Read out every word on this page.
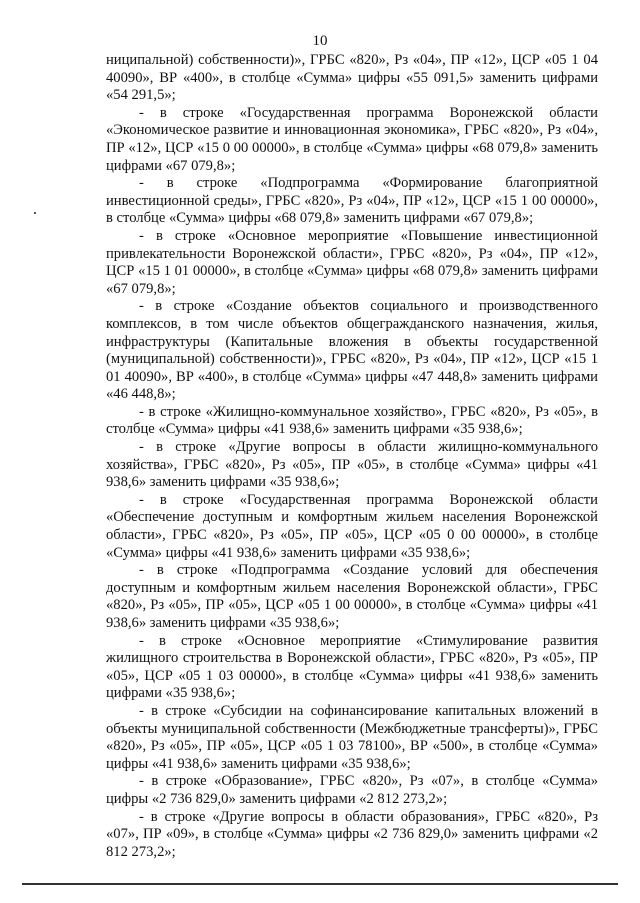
10

ниципальной) собственности)», ГРБС «820», Рз «04», ПР «12», ЦСР «05 1 04 40090», ВР «400», в столбце «Сумма» цифры «55 091,5» заменить цифрами «54 291,5»;

- в строке «Государственная программа Воронежской области «Экономическое развитие и инновационная экономика», ГРБС «820», Рз «04», ПР «12», ЦСР «15 0 00 00000», в столбце «Сумма» цифры «68 079,8» заменить цифрами «67 079,8»;

- в строке «Подпрограмма «Формирование благоприятной инвестиционной среды», ГРБС «820», Рз «04», ПР «12», ЦСР «15 1 00 00000», в столбце «Сумма» цифры «68 079,8» заменить цифрами «67 079,8»;

- в строке «Основное мероприятие «Повышение инвестиционной привлекательности Воронежской области», ГРБС «820», Рз «04», ПР «12», ЦСР «15 1 01 00000», в столбце «Сумма» цифры «68 079,8» заменить цифрами «67 079,8»;

- в строке «Создание объектов социального и производственного комплексов, в том числе объектов общегражданского назначения, жилья, инфраструктуры (Капитальные вложения в объекты государственной (муниципальной) собственности)», ГРБС «820», Рз «04», ПР «12», ЦСР «15 1 01 40090», ВР «400», в столбце «Сумма» цифры «47 448,8» заменить цифрами «46 448,8»;

- в строке «Жилищно-коммунальное хозяйство», ГРБС «820», Рз «05», в столбце «Сумма» цифры «41 938,6» заменить цифрами «35 938,6»;

- в строке «Другие вопросы в области жилищно-коммунального хозяйства», ГРБС «820», Рз «05», ПР «05», в столбце «Сумма» цифры «41 938,6» заменить цифрами «35 938,6»;

- в строке «Государственная программа Воронежской области «Обеспечение доступным и комфортным жильем населения Воронежской области», ГРБС «820», Рз «05», ПР «05», ЦСР «05 0 00 00000», в столбце «Сумма» цифры «41 938,6» заменить цифрами «35 938,6»;

- в строке «Подпрограмма «Создание условий для обеспечения доступным и комфортным жильем населения Воронежской области», ГРБС «820», Рз «05», ПР «05», ЦСР «05 1 00 00000», в столбце «Сумма» цифры «41 938,6» заменить цифрами «35 938,6»;

- в строке «Основное мероприятие «Стимулирование развития жилищного строительства в Воронежской области», ГРБС «820», Рз «05», ПР «05», ЦСР «05 1 03 00000», в столбце «Сумма» цифры «41 938,6» заменить цифрами «35 938,6»;

- в строке «Субсидии на софинансирование капитальных вложений в объекты муниципальной собственности (Межбюджетные трансферты)», ГРБС «820», Рз «05», ПР «05», ЦСР «05 1 03 78100», ВР «500», в столбце «Сумма» цифры «41 938,6» заменить цифрами «35 938,6»;

- в строке «Образование», ГРБС «820», Рз «07», в столбце «Сумма» цифры «2 736 829,0» заменить цифрами «2 812 273,2»;

- в строке «Другие вопросы в области образования», ГРБС «820», Рз «07», ПР «09», в столбце «Сумма» цифры «2 736 829,0» заменить цифрами «2 812 273,2»;
